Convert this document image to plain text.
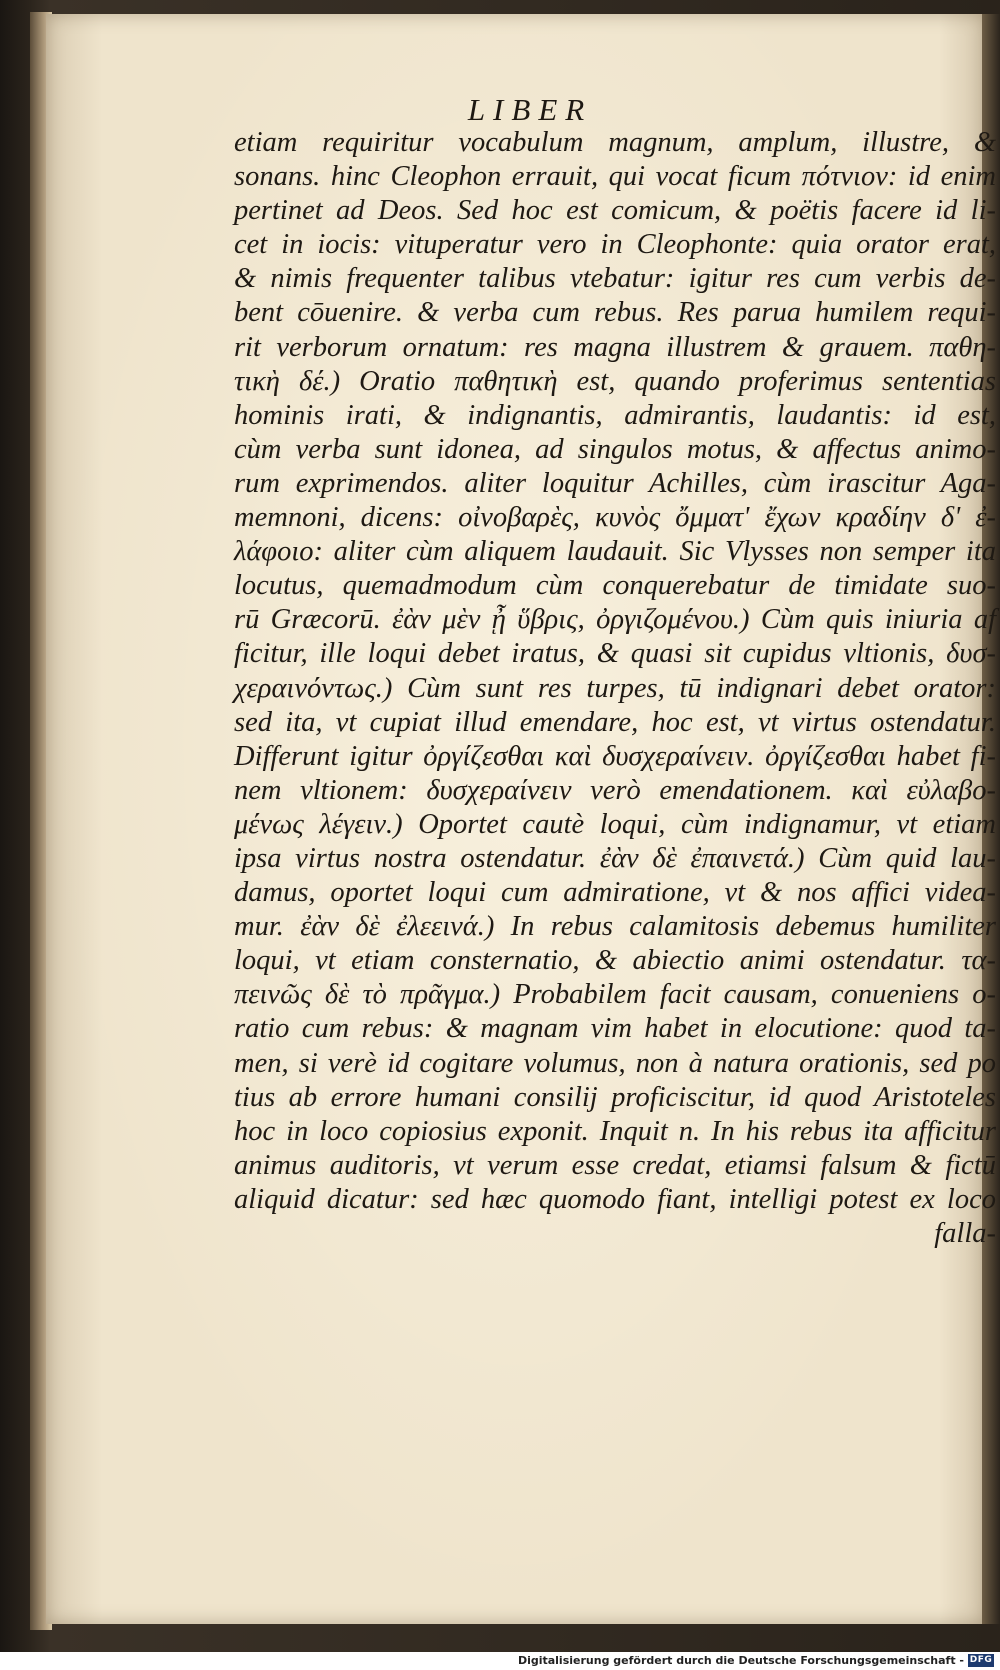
LIBER
etiam requiritur vocabulum magnum, amplum, illustre, &
sonans. hinc Cleophon errauit, qui vocat ficum πότνιον: id enim
pertinet ad Deos. Sed hoc est comicum, & poëtis facere id li-
cet in iocis: vituperatur vero in Cleophonte: quia orator erat,
& nimis frequenter talibus vtebatur: igitur res cum verbis de-
bent cōuenire. & verba cum rebus. Res parua humilem requi-
rit verborum ornatum: res magna illustrem & grauem. παθη-
τικὴ δέ.) Oratio παθητικὴ est, quando proferimus sententias
hominis irati, & indignantis, admirantis, laudantis: id est,
cùm verba sunt idonea, ad singulos motus, & affectus animo-
rum exprimendos. aliter loquitur Achilles, cùm irascitur Aga-
memnoni, dicens: οἰνοβαρὲς, κυνὸς ὄμματ' ἔχων κραδίην δ' ἐ-
λάφοιο: aliter cùm aliquem laudauit. Sic Vlysses non semper ita
locutus, quemadmodum cùm conquerebatur de timidate suo-
rū Græcorū. ἐὰν μὲν ᾖ ὕβρις, ὀργιζομένου.) Cùm quis iniuria af
ficitur, ille loqui debet iratus, & quasi sit cupidus vltionis, δυσ-
χεραινόντως.) Cùm sunt res turpes, tū indignari debet orator:
sed ita, vt cupiat illud emendare, hoc est, vt virtus ostendatur.
Differunt igitur ὀργίζεσθαι καὶ δυσχεραίνειν. ὀργίζεσθαι habet fi-
nem vltionem: δυσχεραίνειν verò emendationem. καὶ εὐλαβο-
μένως λέγειν.) Oportet cautè loqui, cùm indignamur, vt etiam
ipsa virtus nostra ostendatur. ἐὰν δὲ ἐπαινετά.) Cùm quid lau-
damus, oportet loqui cum admiratione, vt & nos affici videa-
mur. ἐὰν δὲ ἐλεεινά.) In rebus calamitosis debemus humiliter
loqui, vt etiam consternatio, & abiectio animi ostendatur. τα-
πεινῶς δὲ τὸ πρᾶγμα.) Probabilem facit causam, conueniens o-
ratio cum rebus: & magnam vim habet in elocutione: quod ta-
men, si verè id cogitare volumus, non à natura orationis, sed po
tius ab errore humani consilij proficiscitur, id quod Aristoteles
hoc in loco copiosius exponit. Inquit n. In his rebus ita afficitur
animus auditoris, vt verum esse credat, etiamsi falsum & fictū
aliquid dicatur: sed hæc quomodo fiant, intelligi potest ex loco
falla-
Digitalisierung gefördert durch die Deutsche Forschungsgemeinschaft - DFG
